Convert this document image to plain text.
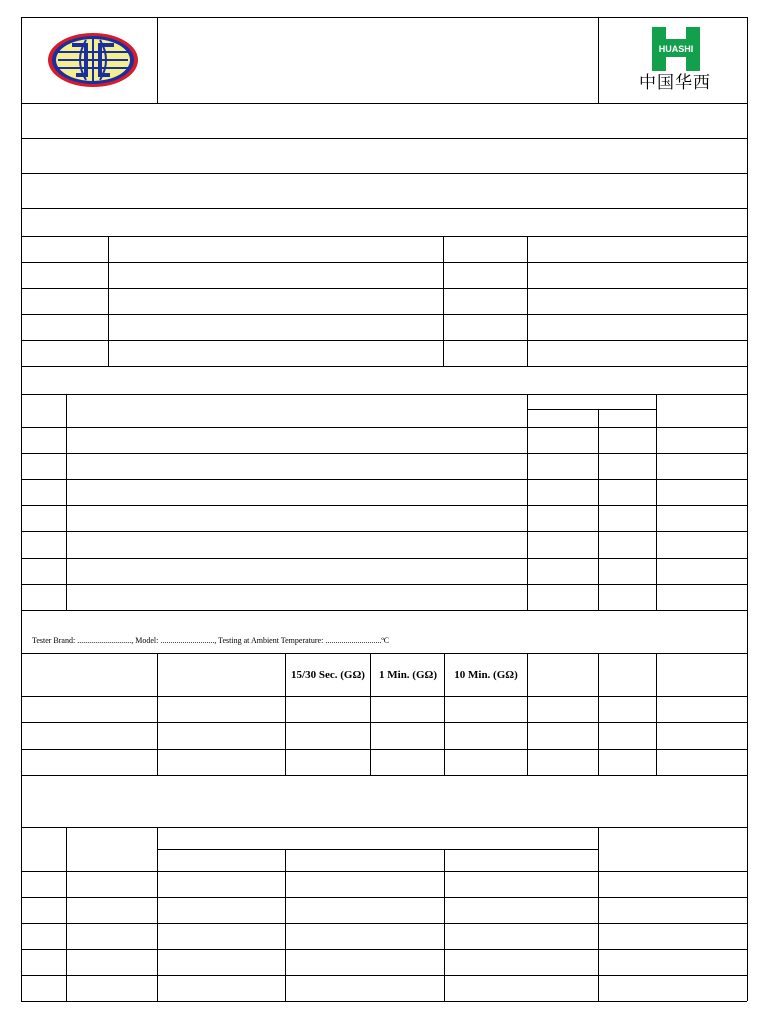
HUASHI
中国华西
Tester Brand: ..........................., Model: ..........................., Testing at Ambient Temperature: ............................ºC
15/30 Sec. (GΩ)	1 Min. (GΩ)	10 Min. (GΩ)
